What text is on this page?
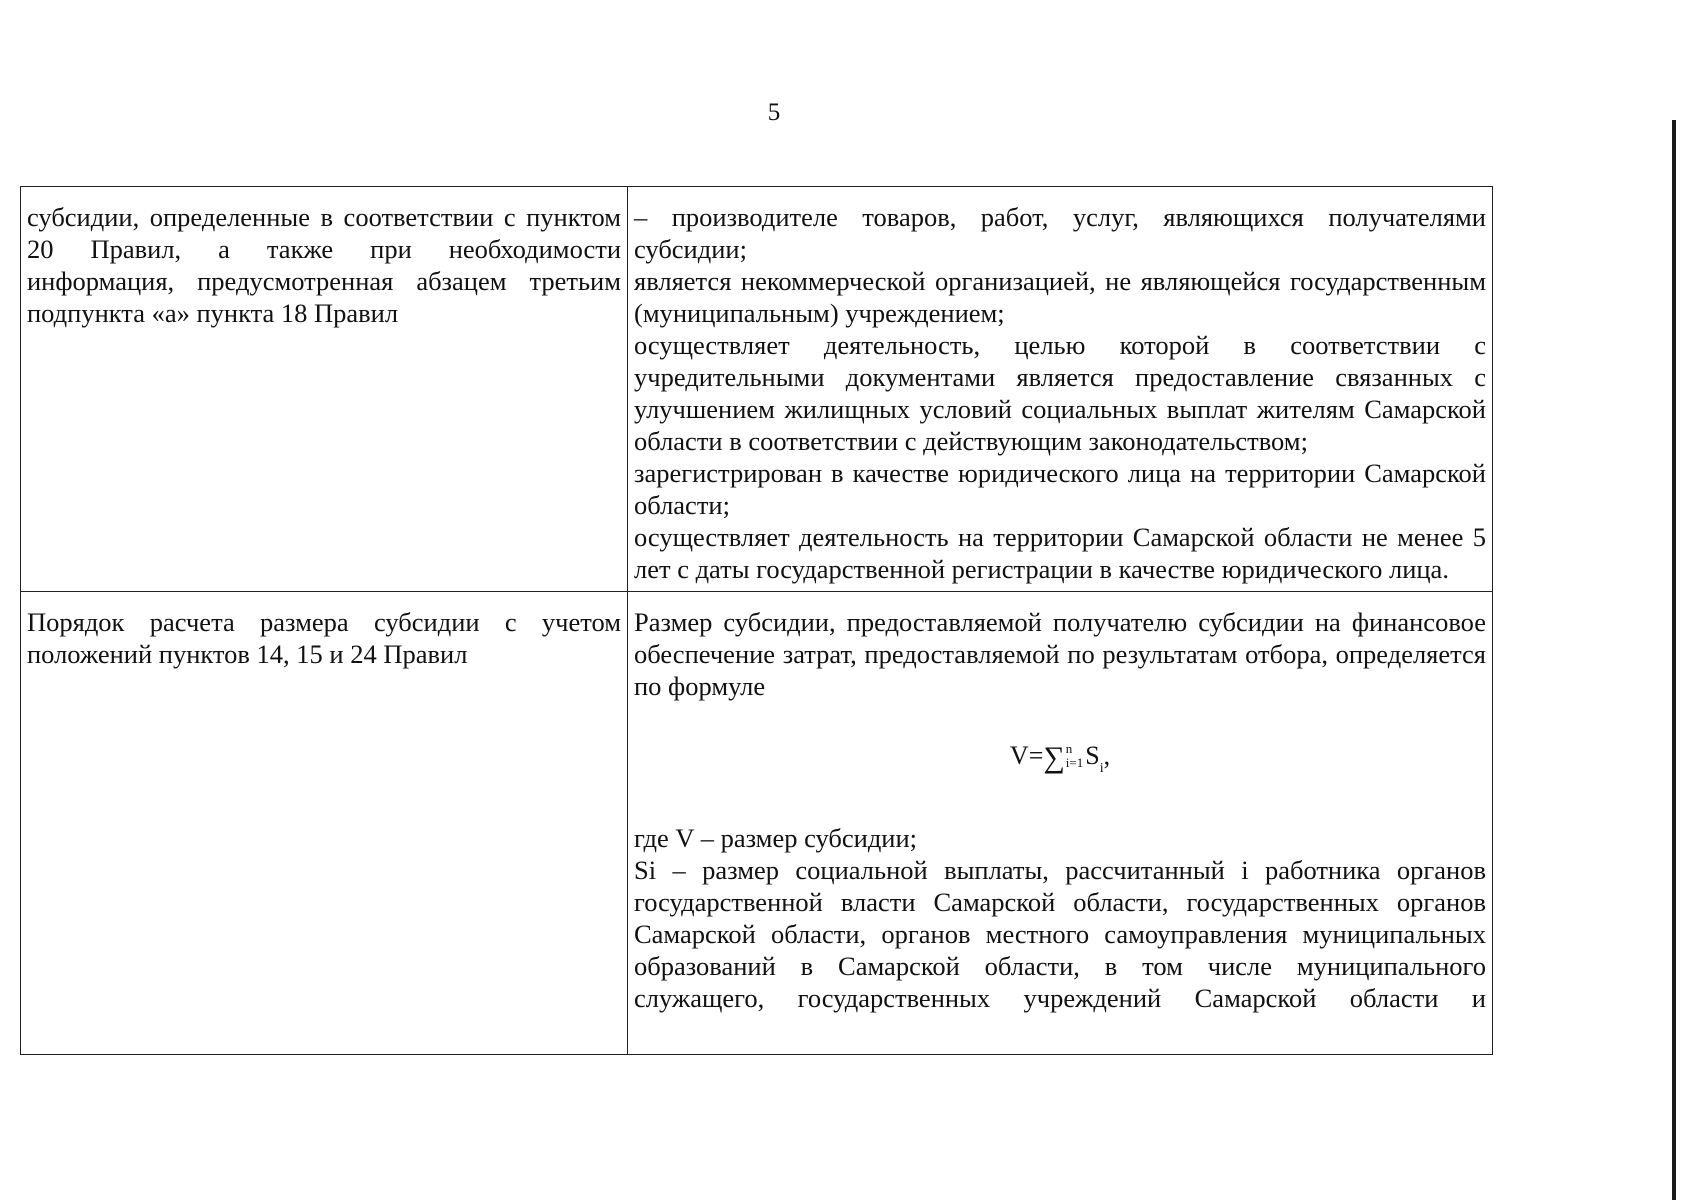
5

субсидии, определенные в соответствии с пунктом 20 Правил, а также при необходимости информация, предусмотренная абзацем третьим подпункта «а» пункта 18 Правил	– производителе товаров, работ, услуг, являющихся получателями субсидии;

является некоммерческой организацией, не являющейся государственным (муниципальным) учреждением;

осуществляет деятельность, целью которой в соответствии с учредительными документами является предоставление связанных с улучшением жилищных условий социальных выплат жителям Самарской области в соответствии с действующим законодательством;

зарегистрирован в качестве юридического лица на территории Самарской области;

осуществляет деятельность на территории Самарской области не менее 5 лет с даты государственной регистрации в качестве юридического лица.

Порядок расчета размера субсидии с учетом положений пунктов 14, 15 и 24 Правил	Размер субсидии, предоставляемой получателю субсидии на финансовое обеспечение затрат, предоставляемой по результатам отбора, определяется по формуле

V=∑n
$i=1S_i$,

где V – размер субсидии;

Si – размер социальной выплаты, рассчитанный i работника органов государственной власти Самарской области, государственных органов Самарской области, органов местного самоуправления муниципальных образований в Самарской области, в том числе муниципального служащего, государственных учреждений Самарской области и
